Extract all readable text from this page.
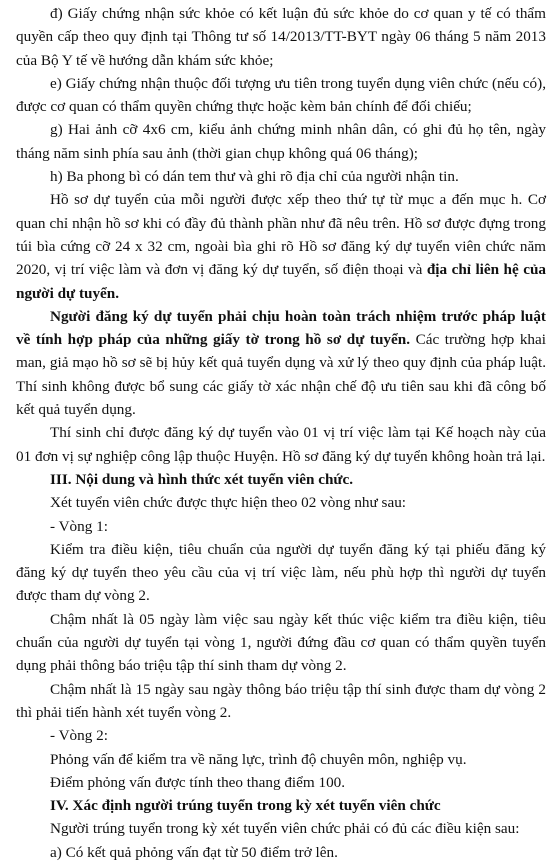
đ) Giấy chứng nhận sức khỏe có kết luận đủ sức khỏe do cơ quan y tế có thẩm quyền cấp theo quy định tại Thông tư số 14/2013/TT-BYT ngày 06 tháng 5 năm 2013 của Bộ Y tế về hướng dẫn khám sức khỏe;

e) Giấy chứng nhận thuộc đối tượng ưu tiên trong tuyển dụng viên chức (nếu có), được cơ quan có thẩm quyền chứng thực hoặc kèm bản chính để đối chiếu;

g) Hai ảnh cỡ 4x6 cm, kiểu ảnh chứng minh nhân dân, có ghi đủ họ tên, ngày tháng năm sinh phía sau ảnh (thời gian chụp không quá 06 tháng);

h) Ba phong bì có dán tem thư và ghi rõ địa chỉ của người nhận tin.

Hồ sơ dự tuyển của mỗi người được xếp theo thứ tự từ mục a đến mục h. Cơ quan chỉ nhận hồ sơ khi có đầy đủ thành phần như đã nêu trên. Hồ sơ được đựng trong túi bìa cứng cỡ 24 x 32 cm, ngoài bìa ghi rõ Hồ sơ đăng ký dự tuyển viên chức năm 2020, vị trí việc làm và đơn vị đăng ký dự tuyển, số điện thoại và địa chỉ liên hệ của người dự tuyển.

Người đăng ký dự tuyển phải chịu hoàn toàn trách nhiệm trước pháp luật về tính hợp pháp của những giấy tờ trong hồ sơ dự tuyển. Các trường hợp khai man, giả mạo hồ sơ sẽ bị hủy kết quả tuyển dụng và xử lý theo quy định của pháp luật. Thí sinh không được bổ sung các giấy tờ xác nhận chế độ ưu tiên sau khi đã công bố kết quả tuyển dụng.

Thí sinh chỉ được đăng ký dự tuyển vào 01 vị trí việc làm tại Kế hoạch này của 01 đơn vị sự nghiệp công lập thuộc Huyện. Hồ sơ đăng ký dự tuyển không hoàn trả lại.

III. Nội dung và hình thức xét tuyển viên chức.

Xét tuyển viên chức được thực hiện theo 02 vòng như sau:

- Vòng 1:

Kiểm tra điều kiện, tiêu chuẩn của người dự tuyển đăng ký tại phiếu đăng ký đăng ký dự tuyển theo yêu cầu của vị trí việc làm, nếu phù hợp thì người dự tuyển được tham dự vòng 2.

Chậm nhất là 05 ngày làm việc sau ngày kết thúc việc kiểm tra điều kiện, tiêu chuẩn của người dự tuyển tại vòng 1, người đứng đầu cơ quan có thẩm quyền tuyển dụng phải thông báo triệu tập thí sinh tham dự vòng 2.

Chậm nhất là 15 ngày sau ngày thông báo triệu tập thí sinh được tham dự vòng 2 thì phải tiến hành xét tuyển vòng 2.

- Vòng 2:

Phỏng vấn để kiểm tra về năng lực, trình độ chuyên môn, nghiệp vụ.

Điểm phỏng vấn được tính theo thang điểm 100.

IV. Xác định người trúng tuyển trong kỳ xét tuyển viên chức

Người trúng tuyển trong kỳ xét tuyển viên chức phải có đủ các điều kiện sau:

a) Có kết quả phỏng vấn đạt từ 50 điểm trở lên.
